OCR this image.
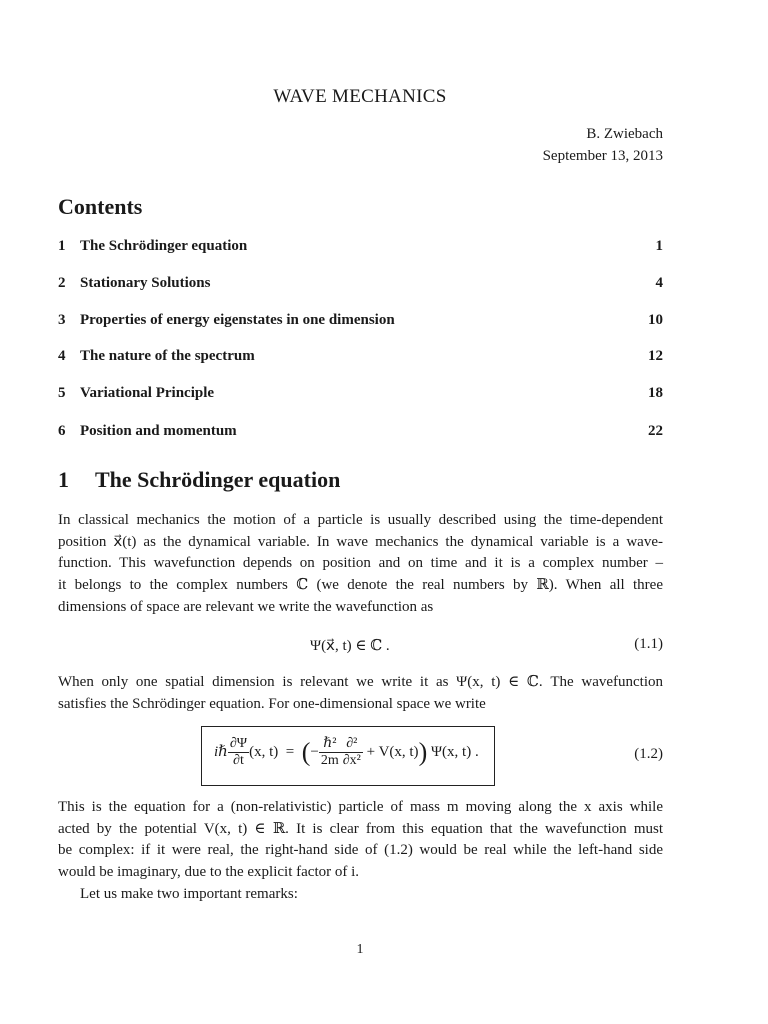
WAVE MECHANICS
B. Zwiebach
September 13, 2013
Contents
1 The Schrödinger equation	1
2 Stationary Solutions	4
3 Properties of energy eigenstates in one dimension	10
4 The nature of the spectrum	12
5 Variational Principle	18
6 Position and momentum	22
1 The Schrödinger equation
In classical mechanics the motion of a particle is usually described using the time-dependent
position x⃗(t) as the dynamical variable. In wave mechanics the dynamical variable is a wave-
function. This wavefunction depends on position and on time and it is a complex number –
it belongs to the complex numbers ℂ (we denote the real numbers by ℝ). When all three
dimensions of space are relevant we write the wavefunction as
Ψ(x⃗, t) ∈ ℂ .	(1.1)
When only one spatial dimension is relevant we write it as Ψ(x, t) ∈ ℂ. The wavefunction
satisfies the Schrödinger equation. For one-dimensional space we write
iℏ $\frac{\partial\Psi}{\partial t} (x$, t) = (− $\frac{\text{ℏ²}}{2m} \frac{\text{∂²}}{\text{∂x²}} + V(x$, t)) Ψ(x, t) .	(1.2)
This is the equation for a (non-relativistic) particle of mass m moving along the x axis while
acted by the potential V(x, t) ∈ ℝ. It is clear from this equation that the wavefunction must
be complex: if it were real, the right-hand side of (1.2) would be real while the left-hand side
would be imaginary, due to the explicit factor of i.
Let us make two important remarks:
1
